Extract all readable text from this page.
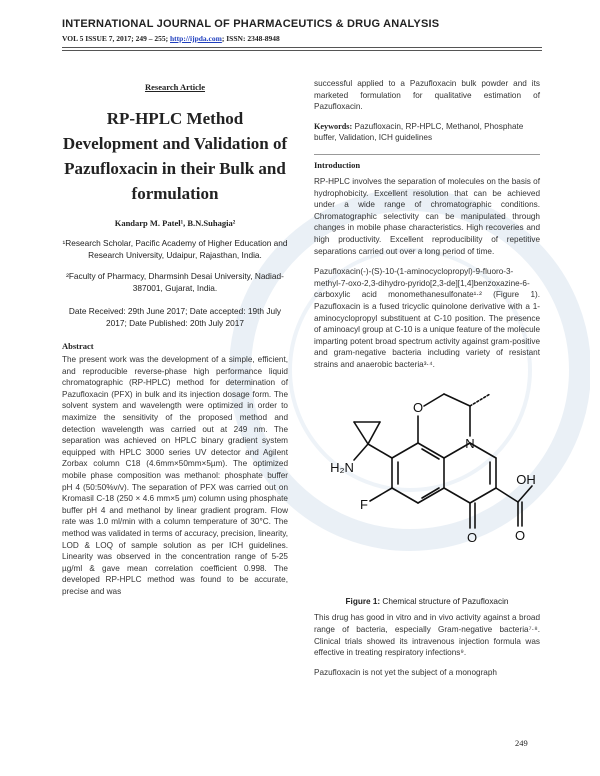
INTERNATIONAL JOURNAL OF PHARMACEUTICS & DRUG ANALYSIS
VOL 5 ISSUE 7, 2017; 249 – 255; http://ijpda.com; ISSN: 2348-8948
Research Article
RP-HPLC Method Development and Validation of Pazufloxacin in their Bulk and formulation
Kandarp M. Patel¹, B.N.Suhagia²
¹Research Scholar, Pacific Academy of Higher Education and Research University, Udaipur, Rajasthan, India.
²Faculty of Pharmacy, Dharmsinh Desai University, Nadiad-387001, Gujarat, India.
Date Received: 29th June 2017; Date accepted: 19th July 2017; Date Published: 20th July 2017
Abstract
The present work was the development of a simple, efficient, and reproducible reverse-phase high performance liquid chromatographic (RP-HPLC) method for determination of Pazufloxacin (PFX) in bulk and its injection dosage form. The solvent system and wavelength were optimized in order to maximize the sensitivity of the proposed method and detection wavelength was carried out at 249 nm. The separation was achieved on HPLC binary gradient system equipped with HPLC 3000 series UV detector and Agilent Zorbax column C18 (4.6mm×50mm×5µm). The optimized mobile phase composition was methanol: phosphate buffer pH 4 (50:50%v/v). The separation of PFX was carried out on Kromasil C-18 (250 × 4.6 mm×5 µm) column using phosphate buffer pH 4 and methanol by linear gradient program. Flow rate was 1.0 ml/min with a column temperature of 30°C. The method was validated in terms of accuracy, precision, linearity, LOD & LOQ of sample solution as per ICH guidelines. Linearity was observed in the concentration range of 5-25 µg/ml & gave mean correlation coefficient 0.998. The developed RP-HPLC method was found to be accurate, precise and was
successful applied to a Pazufloxacin bulk powder and its marketed formulation for qualitative estimation of Pazufloxacin.
Keywords: Pazufloxacin, RP-HPLC, Methanol, Phosphate buffer, Validation, ICH guidelines
Introduction
RP-HPLC involves the separation of molecules on the basis of hydrophobicity. Excellent resolution that can be achieved under a wide range of chromatographic conditions. Chromatographic selectivity can be manipulated through changes in mobile phase characteristics. High recoveries and high productivity. Excellent reproducibility of repetitive separations carried out over a long period of time.
Pazufloxacin(-)-(S)-10-(1-aminocyclopropyl)-9-fluoro-3-methyl-7-oxo-2,3-dihydro-pyrido[2,3-de][1,4]benzoxazine-6-carboxylic acid monomethanesulfonate¹·² (Figure 1). Pazufloxacin is a fused tricyclic quinolone derivative with a 1-aminocyclopropyl substituent at C-10 position. The presence of aminoacyl group at C-10 is a unique feature of the molecule imparting potent broad spectrum activity against gram-positive and gram-negative bacteria including variety of resistant strains and anaerobic bacteria³·⁴.
O
N
F
O	O
OH
H₂N
Figure 1: Chemical structure of Pazufloxacin
This drug has good in vitro and in vivo activity against a broad range of bacteria, especially Gram-negative bacteria⁷·⁸. Clinical trials showed its intravenous injection formula was effective in treating respiratory infections⁹.
Pazufloxacin is not yet the subject of a monograph
249
